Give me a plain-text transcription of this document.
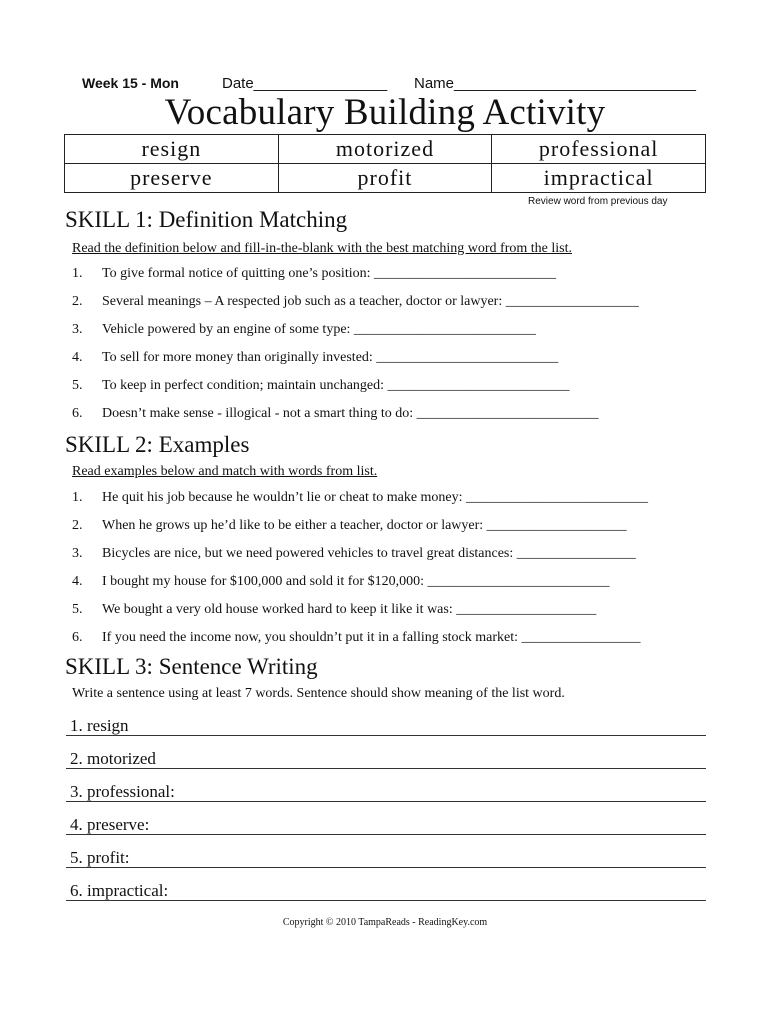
Week 15 - Mon	Date________________ Name_____________________________
Vocabulary Building Activity
resign	motorized	professional
preserve	profit	impractical
Review word from previous day
SKILL 1: Definition Matching
Read the definition below and fill-in-the-blank with the best matching word from the list.
1. To give formal notice of quitting one’s position: __________________________
2. Several meanings – A respected job such as a teacher, doctor or lawyer: ___________________
3. Vehicle powered by an engine of some type: __________________________
4. To sell for more money than originally invested: __________________________
5. To keep in perfect condition; maintain unchanged: __________________________
6. Doesn’t make sense - illogical - not a smart thing to do: __________________________
SKILL 2: Examples
Read examples below and match with words from list.
1. He quit his job because he wouldn’t lie or cheat to make money: __________________________
2. When he grows up he’d like to be either a teacher, doctor or lawyer: ____________________
3. Bicycles are nice, but we need powered vehicles to travel great distances: _________________
4. I bought my house for $100,000 and sold it for $120,000: __________________________
5. We bought a very old house worked hard to keep it like it was: ____________________
6. If you need the income now, you shouldn’t put it in a falling stock market: _________________
SKILL 3: Sentence Writing
Write a sentence using at least 7 words. Sentence should show meaning of the list word.
1. resign
2. motorized
3. professional:
4. preserve:
5. profit:
6. impractical:
Copyright © 2010 TampaReads - ReadingKey.com
